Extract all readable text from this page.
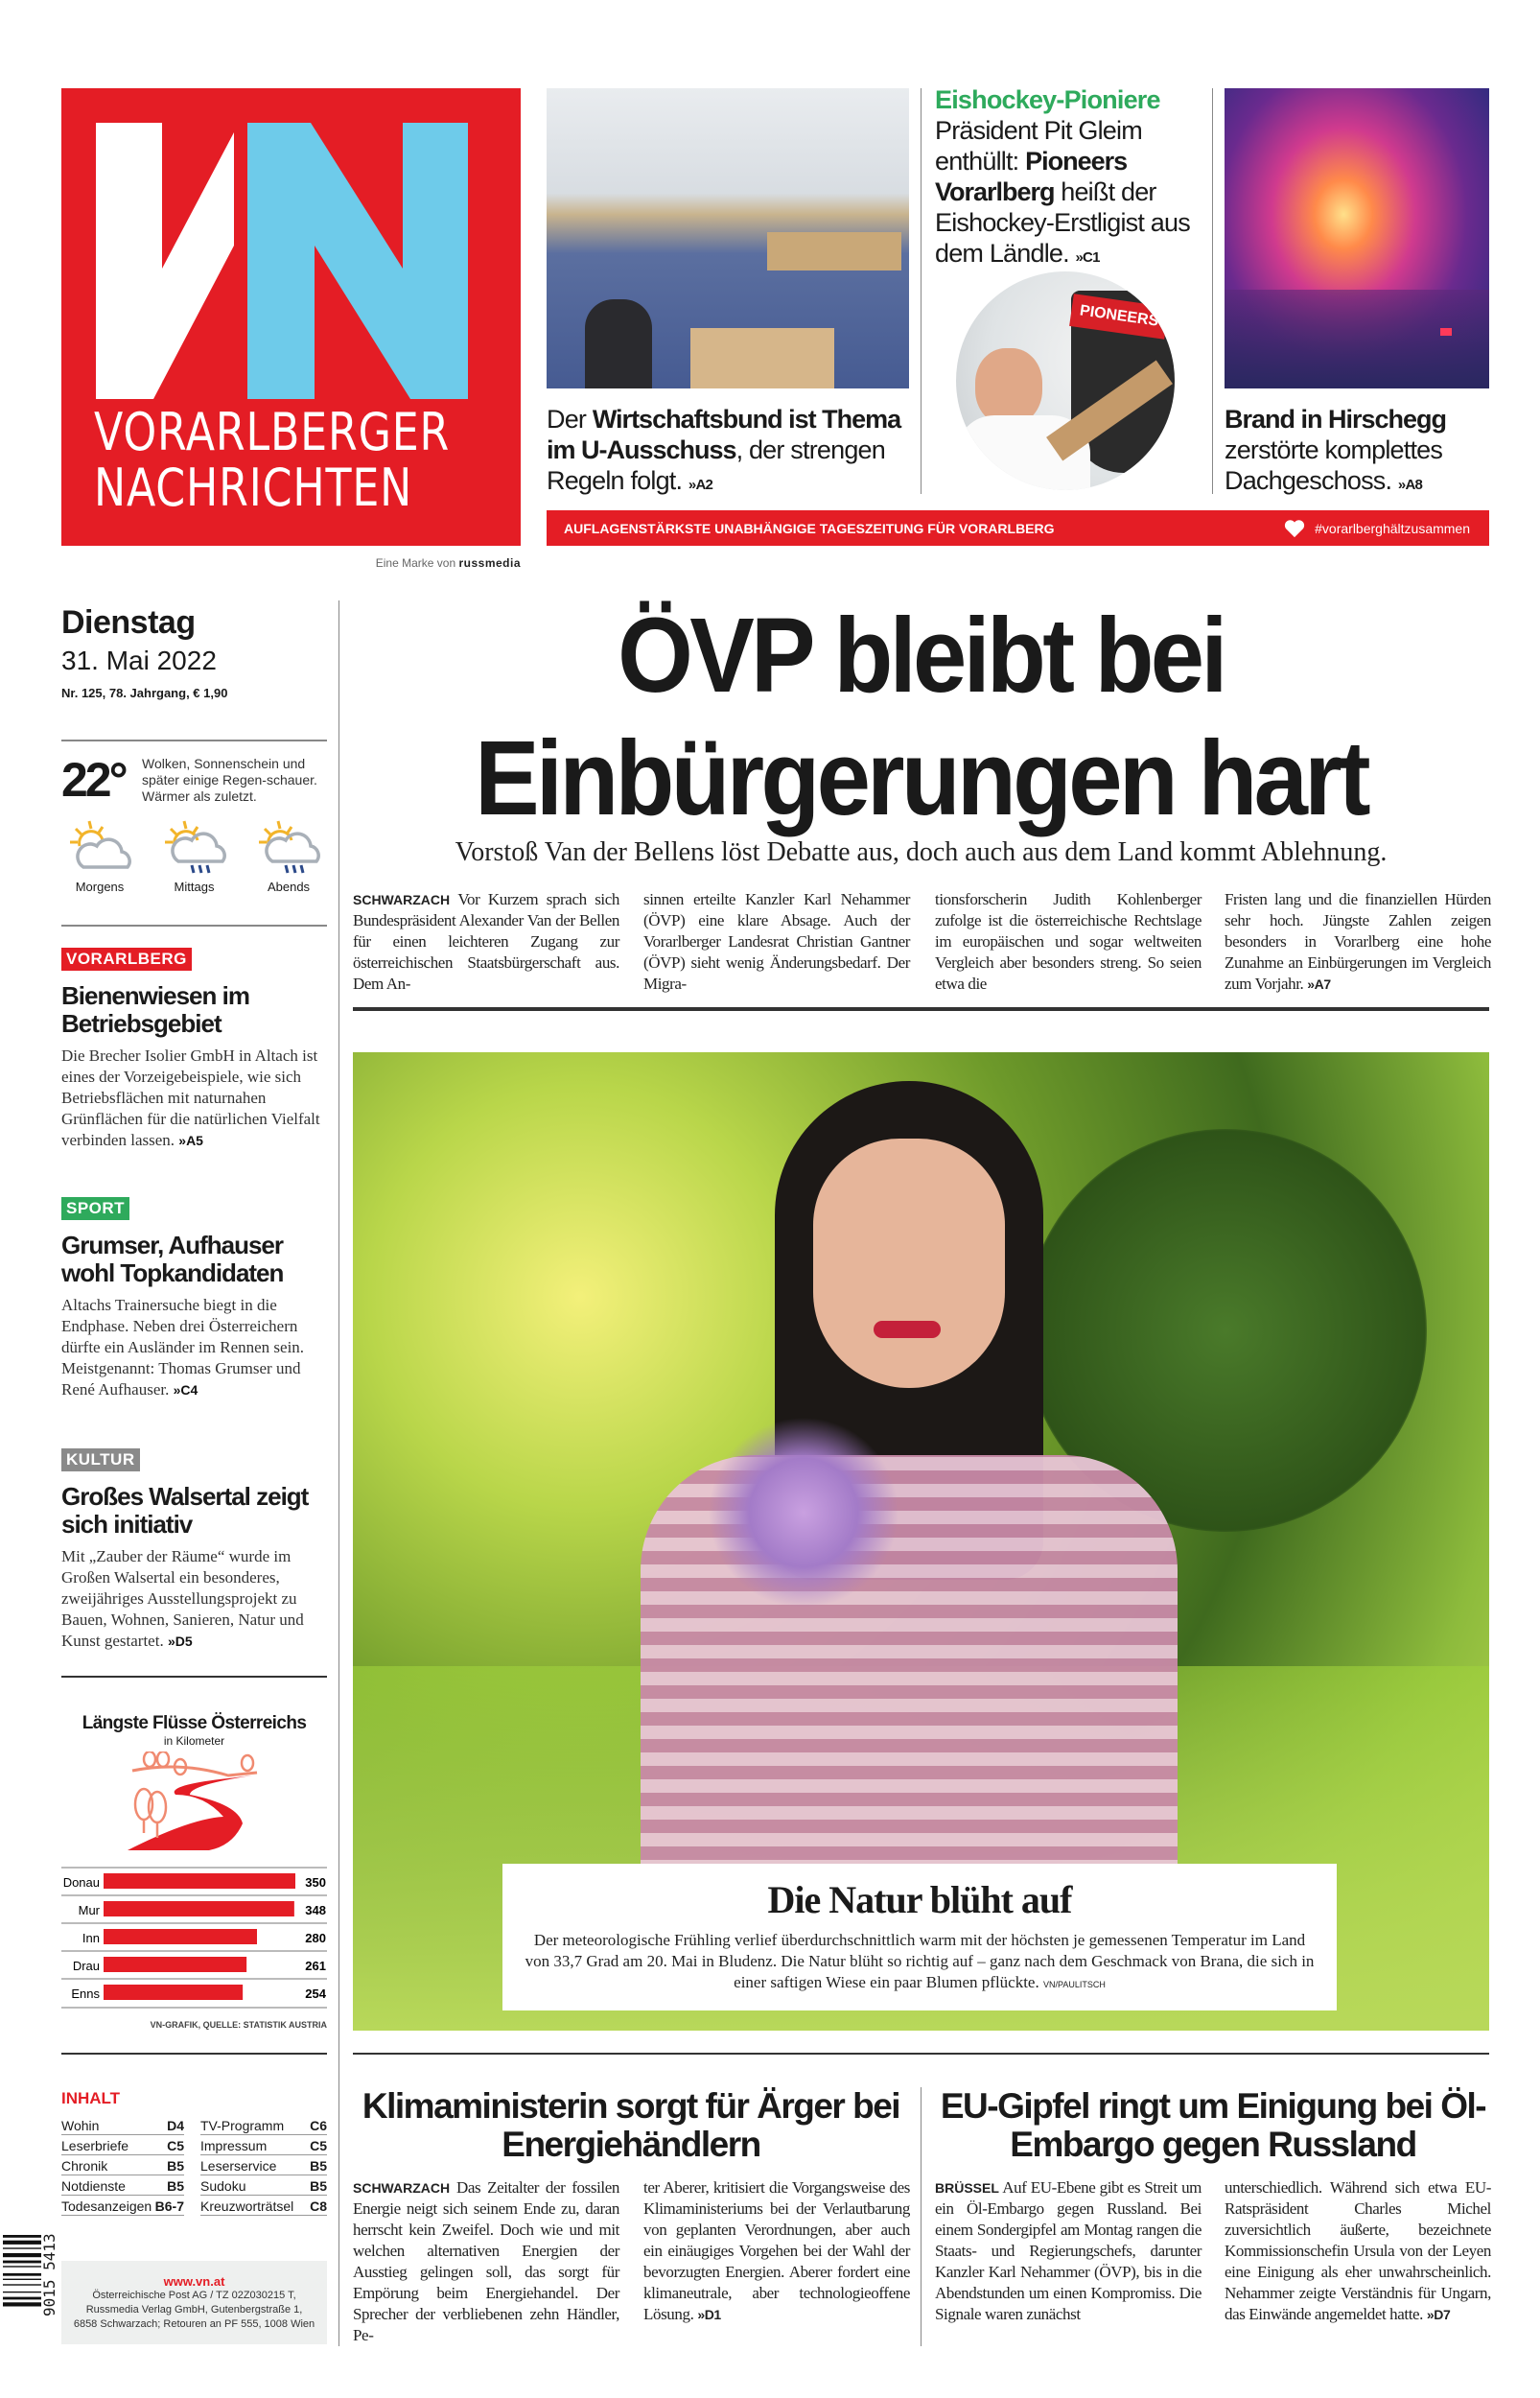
VORARLBERGER
NACHRICHTEN
Eine Marke von russmedia
Der Wirtschaftsbund ist Thema im U-Ausschuss, der strengen Regeln folgt. »A2
Eishockey-Pioniere
Präsident Pit Gleim enthüllt: Pioneers Vorarlberg heißt der Eishockey-Erstligist aus dem Ländle. »C1
PIONEERS
Brand in Hirschegg zerstörte komplettes Dachgeschoss. »A8
AUFLAGENSTÄRKSTE UNABHÄNGIGE TAGESZEITUNG FÜR VORARLBERG	#vorarlberghältzusammen
Dienstag
31. Mai 2022
Nr. 125, 78. Jahrgang, € 1,90
22° Wolken, Sonnenschein und später einige Regen-schauer. Wärmer als zuletzt.
Morgens	Mittags	Abends
VORARLBERG
Bienenwiesen im Betriebsgebiet
Die Brecher Isolier GmbH in Altach ist eines der Vorzeigebeispiele, wie sich Betriebsflächen mit naturnahen Grünflächen für die natürlichen Vielfalt verbinden lassen. »A5
SPORT
Grumser, Aufhauser wohl Topkandidaten
Altachs Trainersuche biegt in die Endphase. Neben drei Österreichern dürfte ein Ausländer im Rennen sein. Meistgenannt: Thomas Grumser und René Aufhauser. »C4
KULTUR
Großes Walsertal zeigt sich initiativ
Mit „Zauber der Räume“ wurde im Großen Walsertal ein besonderes, zweijähriges Ausstellungsprojekt zu Bauen, Wohnen, Sanieren, Natur und Kunst gestartet. »D5
Längste Flüsse Österreichs
in Kilometer
Donau	350
Mur	348
Inn	280
Drau	261
Enns	254
VN-GRAFIK, QUELLE: STATISTIK AUSTRIA
INHALT
Wohin	D4
Leserbriefe	C5
Chronik	B5
Notdienste	B5
Todesanzeigen B6-7
TV-Programm C6
Impressum	C5
Leserservice B5
Sudoku	B5
Kreuzworträtsel C8
9015 5413	www.vn.at
Österreichische Post AG / TZ 02Z030215 T,
Russmedia Verlag GmbH, Gutenbergstraße 1,
6858 Schwarzach; Retouren an PF 555, 1008 Wien
ÖVP bleibt bei
Einbürgerungen hart
Vorstoß Van der Bellens löst Debatte aus, doch auch aus dem Land kommt Ablehnung.
SCHWARZACH Vor Kurzem sprach sich Bundespräsident Alexander Van der Bellen für einen leichteren Zugang zur österreichischen Staatsbürgerschaft aus. Dem An-
sinnen erteilte Kanzler Karl Nehammer (ÖVP) eine klare Absage. Auch der Vorarlberger Landesrat Christian Gantner (ÖVP) sieht wenig Änderungsbedarf. Der Migra-
tionsforscherin Judith Kohlenberger zufolge ist die österreichische Rechtslage im europäischen und sogar weltweiten Vergleich aber besonders streng. So seien etwa die
Fristen lang und die finanziellen Hürden sehr hoch. Jüngste Zahlen zeigen besonders in Vorarlberg eine hohe Zunahme an Einbürgerungen im Vergleich zum Vorjahr. »A7
Die Natur blüht auf
Der meteorologische Frühling verlief überdurchschnittlich warm mit der höchsten je gemessenen Temperatur im Land von 33,7 Grad am 20. Mai in Bludenz. Die Natur blüht so richtig auf – ganz nach dem Geschmack von Brana, die sich in einer saftigen Wiese ein paar Blumen pflückte. VN/PAULITSCH
Klimaministerin sorgt für Ärger bei Energiehändlern
SCHWARZACH Das Zeitalter der fossilen Energie neigt sich seinem Ende zu, daran herrscht kein Zweifel. Doch wie und mit welchen alternativen Energien der Ausstieg gelingen soll, das sorgt für Empörung beim Energiehandel. Der Sprecher der verbliebenen zehn Händler, Pe-
ter Aberer, kritisiert die Vorgangsweise des Klimaministeriums bei der Verlautbarung von geplanten Verordnungen, aber auch ein einäugiges Vorgehen bei der Wahl der bevorzugten Energien. Aberer fordert eine klimaneutrale, aber technologieoffene Lösung. »D1
EU-Gipfel ringt um Einigung bei Öl-Embargo gegen Russland
BRÜSSEL Auf EU-Ebene gibt es Streit um ein Öl-Embargo gegen Russland. Bei einem Sondergipfel am Montag rangen die Staats- und Regierungschefs, darunter Kanzler Karl Nehammer (ÖVP), bis in die Abendstunden um einen Kompromiss. Die Signale waren zunächst
unterschiedlich. Während sich etwa EU-Ratspräsident Charles Michel zuversichtlich äußerte, bezeichnete Kommissionschefin Ursula von der Leyen eine Einigung als eher unwahrscheinlich. Nehammer zeigte Verständnis für Ungarn, das Einwände angemeldet hatte. »D7
